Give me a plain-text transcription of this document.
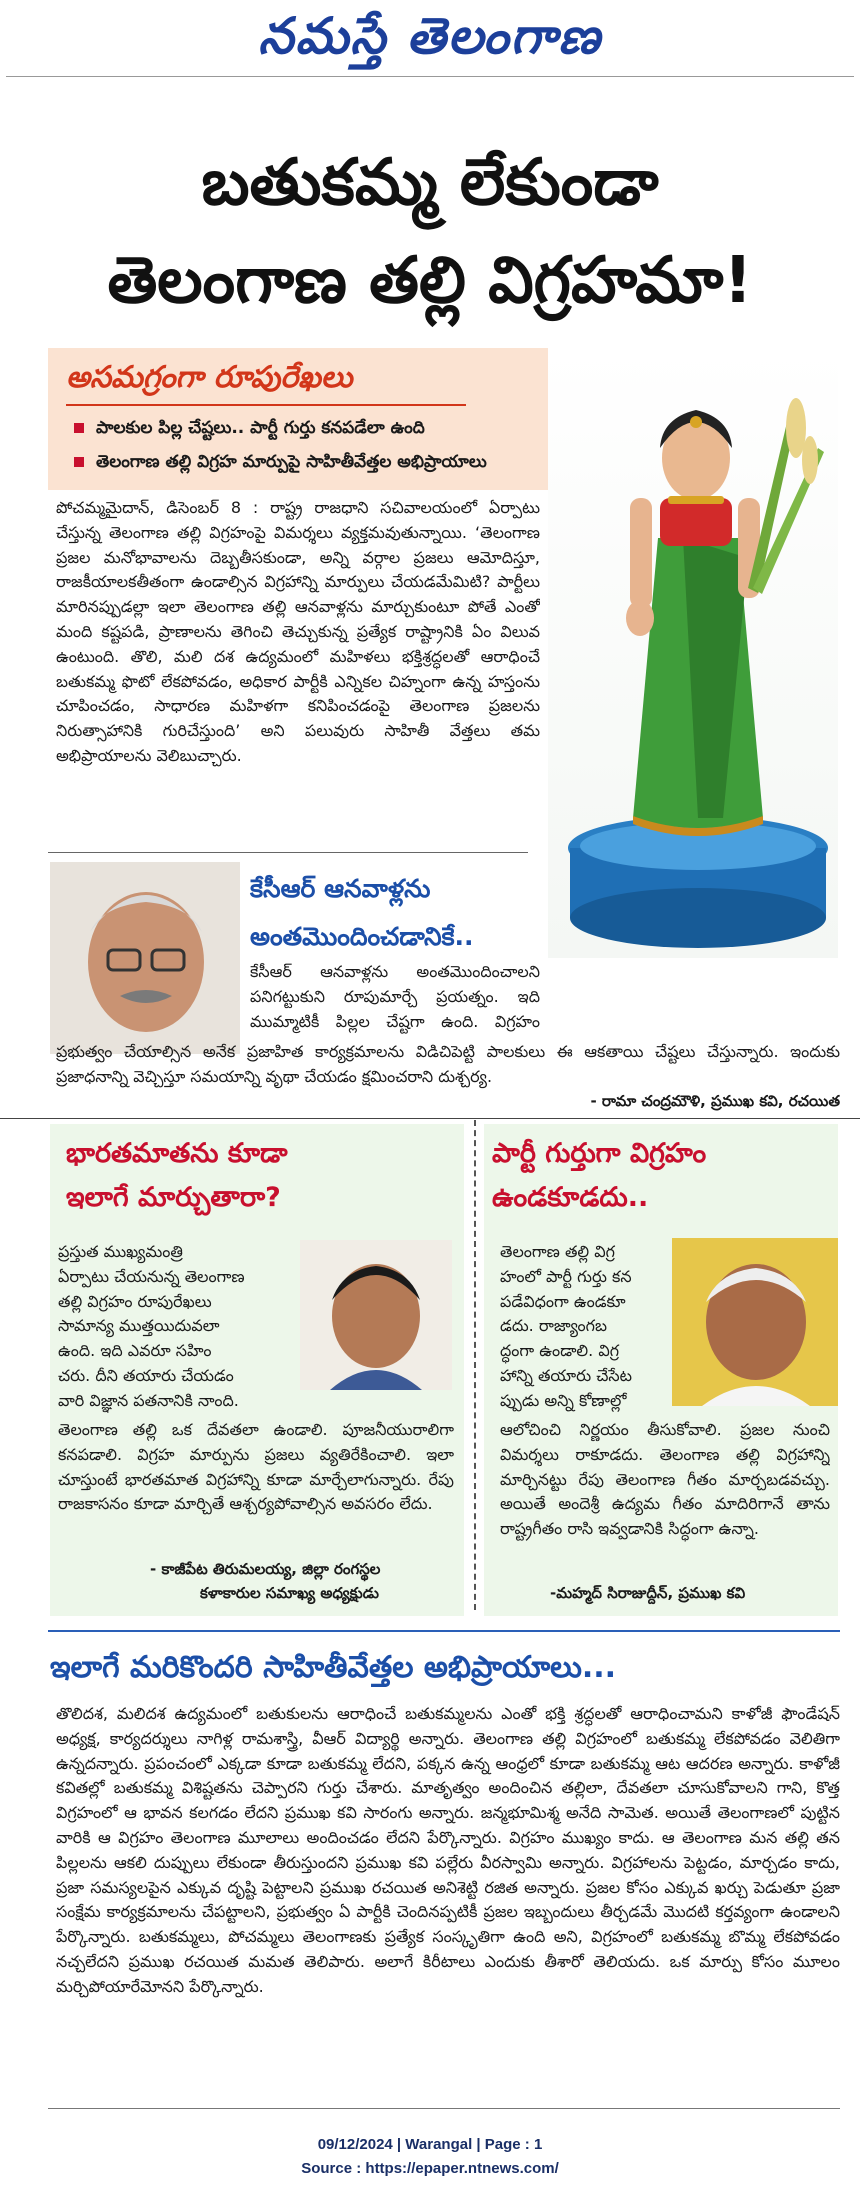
నమస్తే తెలంగాణ
బతుకమ్మ లేకుండా
తెలంగాణ తల్లి విగ్రహమా!
అసమగ్రంగా రూపురేఖలు
పాలకుల పిల్ల చేష్టలు.. పార్టీ గుర్తు కనపడేలా ఉంది
తెలంగాణ తల్లి విగ్రహ మార్పుపై సాహితీవేత్తల అభిప్రాయాలు
పోచమ్మమైదాన్, డిసెంబర్ 8 : రాష్ట్ర రాజధాని సచివాలయంలో ఏర్పాటు చేస్తున్న తెలంగాణ తల్లి విగ్రహంపై విమర్శలు వ్యక్తమవుతున్నాయి. ‘తెలంగాణ ప్రజల మనోభావాలను దెబ్బతీసకుండా, అన్ని వర్గాల ప్రజలు ఆమోదిస్తూ, రాజకీయాలకతీతంగా ఉండాల్సిన విగ్రహాన్ని మార్పులు చేయడమేమిటి? పార్టీలు మారినప్పుడల్లా ఇలా తెలంగాణ తల్లి ఆనవాళ్లను మార్చుకుంటూ పోతే ఎంతో మంది కష్టపడి, ప్రాణాలను తెగించి తెచ్చుకున్న ప్రత్యేక రాష్ట్రానికి ఏం విలువ ఉంటుంది. తొలి, మలి దశ ఉద్యమంలో మహిళలు భక్తిశ్రద్ధలతో ఆరాధించే బతుకమ్మ ఫొటో లేకపోవడం, అధికార పార్టీకి ఎన్నికల చిహ్నంగా ఉన్న హస్తంను చూపించడం, సాధారణ మహిళగా కనిపించడంపై తెలంగాణ ప్రజలను నిరుత్సాహానికి గురిచేస్తుంది’ అని పలువురు సాహితీ వేత్తలు తమ అభిప్రాయాలను వెలిబుచ్చారు.
కేసీఆర్ ఆనవాళ్లను
అంతమొందించడానికే..
కేసీఆర్ ఆనవాళ్లను అంతమొందించాలని పనిగట్టుకుని రూపుమార్చే ప్రయత్నం. ఇది ముమ్మాటికీ పిల్లల చేష్టగా ఉంది. విగ్రహం
ప్రభుత్వం చేయాల్సిన అనేక ప్రజాహిత కార్యక్రమాలను విడిచిపెట్టి పాలకులు ఈ ఆకతాయి చేష్టలు చేస్తున్నారు. ఇందుకు ప్రజాధనాన్ని వెచ్చిస్తూ సమయాన్ని వృథా చేయడం క్షమించరాని దుశ్చర్య.
- రామా చంద్రమౌళి, ప్రముఖ కవి, రచయిత
భారతమాతను కూడా
ఇలాగే మార్చుతారా?
ప్రస్తుత ముఖ్యమంత్రి
ఏర్పాటు చేయనున్న తెలంగాణ
తల్లి విగ్రహం రూపురేఖలు
సామాన్య ముత్తయిదువలా
ఉంది. ఇది ఎవరూ సహిం
చరు. దీని తయారు చేయడం
వారి విజ్ఞాన పతనానికి నాంది.
తెలంగాణ తల్లి ఒక దేవతలా ఉండాలి. పూజనీయురాలిగా కనపడాలి. విగ్రహ మార్పును ప్రజలు వ్యతిరేకించాలి. ఇలా చూస్తుంటే భారతమాత విగ్రహాన్ని కూడా మార్చేలాగున్నారు. రేపు రాజకాసనం కూడా మార్చితే ఆశ్చర్యపోవాల్సిన అవసరం లేదు.
- కాజీపేట తిరుమలయ్య, జిల్లా రంగస్థల
కళాకారుల సమాఖ్య అధ్యక్షుడు
పార్టీ గుర్తుగా విగ్రహం
ఉండకూడదు..
తెలంగాణ తల్లి విగ్ర
హంలో పార్టీ గుర్తు కన
పడేవిధంగా ఉండకూ
డదు. రాజ్యాంగబ
ద్ధంగా ఉండాలి. విగ్ర
హాన్ని తయారు చేసేట
ప్పుడు అన్ని కోణాల్లో
ఆలోచించి నిర్ణయం తీసుకోవాలి. ప్రజల నుంచి విమర్శలు రాకూడదు. తెలంగాణ తల్లి విగ్రహాన్ని మార్చినట్టు రేపు తెలంగాణ గీతం మార్చబడవచ్చు. అయితే అందెశ్రీ ఉద్యమ గీతం మాదిరిగానే తాను రాష్ట్రగీతం రాసి ఇవ్వడానికి సిద్ధంగా ఉన్నా.
-మహ్మద్ సిరాజుద్దీన్, ప్రముఖ కవి
ఇలాగే మరికొందరి సాహితీవేత్తల అభిప్రాయాలు...
తొలిదశ, మలిదశ ఉద్యమంలో బతుకులను ఆరాధించే బతుకమ్మలను ఎంతో భక్తి శ్రద్ధలతో ఆరాధించామని కాళోజీ ఫౌండేషన్ అధ్యక్ష, కార్యదర్శులు నాగిళ్ల రామశాస్త్రి, వీఆర్ విద్యార్థి అన్నారు. తెలంగాణ తల్లి విగ్రహంలో బతుకమ్మ లేకపోవడం వెలితిగా ఉన్నదన్నారు. ప్రపంచంలో ఎక్కడా కూడా బతుకమ్మ లేదని, పక్కన ఉన్న ఆంధ్రలో కూడా బతుకమ్మ ఆట ఆదరణ అన్నారు. కాళోజీ కవితల్లో బతుకమ్మ విశిష్టతను చెప్పారని గుర్తు చేశారు. మాతృత్వం అందించిన తల్లిలా, దేవతలా చూసుకోవాలని గాని, కొత్త విగ్రహంలో ఆ భావన కలగడం లేదని ప్రముఖ కవి సారంగు అన్నారు. జన్మభూమిశ్మ అనేది సామెత. అయితే తెలంగాణలో పుట్టిన వారికి ఆ విగ్రహం తెలంగాణ మూలాలు అందించడం లేదని పేర్కొన్నారు. విగ్రహం ముఖ్యం కాదు. ఆ తెలంగాణ మన తల్లి తన పిల్లలను ఆకలి దుప్పులు లేకుండా తీరుస్తుందని ప్రముఖ కవి పల్లేరు వీరస్వామి అన్నారు. విగ్రహాలను పెట్టడం, మార్చడం కాదు, ప్రజా సమస్యలపైన ఎక్కువ దృష్టి పెట్టాలని ప్రముఖ రచయిత అనిశెట్టి రజిత అన్నారు. ప్రజల కోసం ఎక్కువ ఖర్చు పెడుతూ ప్రజా సంక్షేమ కార్యక్రమాలను చేపట్టాలని, ప్రభుత్వం ఏ పార్టీకి చెందినప్పటికీ ప్రజల ఇబ్బందులు తీర్చడమే మొదటి కర్తవ్యంగా ఉండాలని పేర్కొన్నారు. బతుకమ్మలు, పోచమ్మలు తెలంగాణకు ప్రత్యేక సంస్కృతిగా ఉంది అని, విగ్రహంలో బతుకమ్మ బొమ్మ లేకపోవడం నచ్చలేదని ప్రముఖ రచయిత మమత తెలిపారు. అలాగే కిరీటాలు ఎందుకు తీశారో తెలియదు. ఒక మార్పు కోసం మూలం మర్చిపోయారేమోనని పేర్కొన్నారు.
09/12/2024 | Warangal | Page : 1
Source : https://epaper.ntnews.com/
